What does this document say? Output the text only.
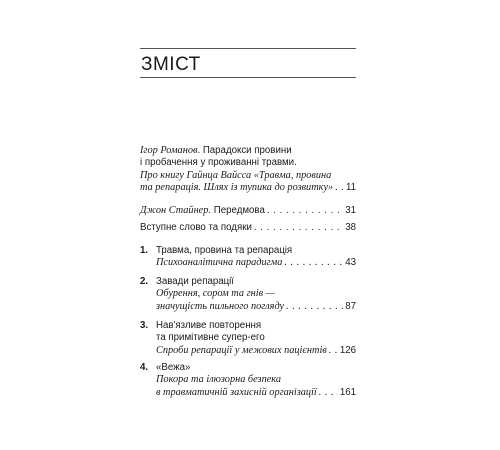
ЗМІСТ
Ігор Романов. Парадокси провини
і пробачення у проживанні травми.
Про книгу Гайнца Вайсса «Травма, провина
та репарація. Шлях із тупика до розвитку» . . . 11
Джон Стайнер. Передмова . . .	31
Вступне слово та подяки . . .	38
1. Травма, провина та репарація
Психоаналітична парадигма . . .	43
2. Завади репарації
Обурення, сором та гнів —
значущість пильного погляду . . .	87
3. Нав'язливе повторення
та примітивне супер-его
Спроби репарації у межових пацієнтів . . . 126
4. «Вежа»
Покора та ілюзорна безпека
в травматичній захисній організації . . . 161
